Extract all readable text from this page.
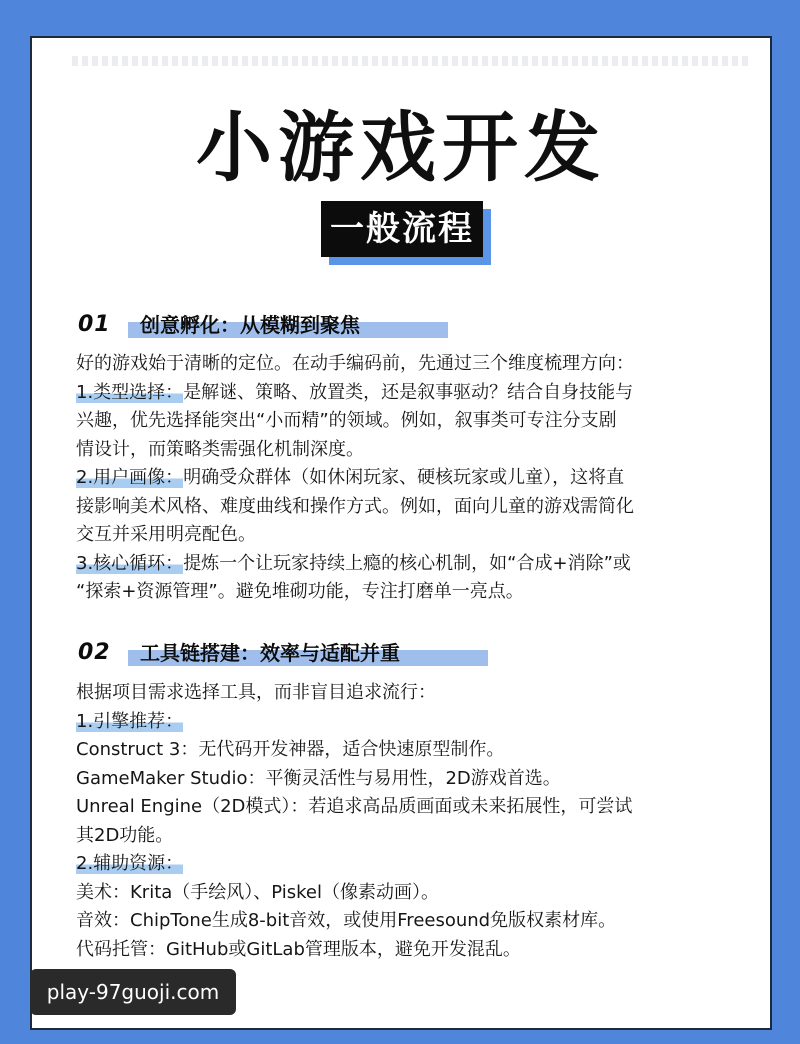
小游戏开发
一般流程
01 创意孵化：从模糊到聚焦
好的游戏始于清晰的定位。在动手编码前，先通过三个维度梳理方向：
1.类型选择：是解谜、策略、放置类，还是叙事驱动？结合自身技能与
兴趣，优先选择能突出“小而精”的领域。例如，叙事类可专注分支剧
情设计，而策略类需强化机制深度。
2.用户画像：明确受众群体（如休闲玩家、硬核玩家或儿童），这将直
接影响美术风格、难度曲线和操作方式。例如，面向儿童的游戏需简化
交互并采用明亮配色。
3.核心循环：提炼一个让玩家持续上瘾的核心机制，如“合成+消除”或
“探索+资源管理”。避免堆砌功能，专注打磨单一亮点。
02 工具链搭建：效率与适配并重
根据项目需求选择工具，而非盲目追求流行：
1.引擎推荐：
Construct 3：无代码开发神器，适合快速原型制作。
GameMaker Studio：平衡灵活性与易用性，2D游戏首选。
Unreal Engine（2D模式）：若追求高品质画面或未来拓展性，可尝试
其2D功能。
2.辅助资源：
美术：Krita（手绘风）、Piskel（像素动画）。
音效：ChipTone生成8-bit音效，或使用Freesound免版权素材库。
代码托管：GitHub或GitLab管理版本，避免开发混乱。
play-97guoji.com
